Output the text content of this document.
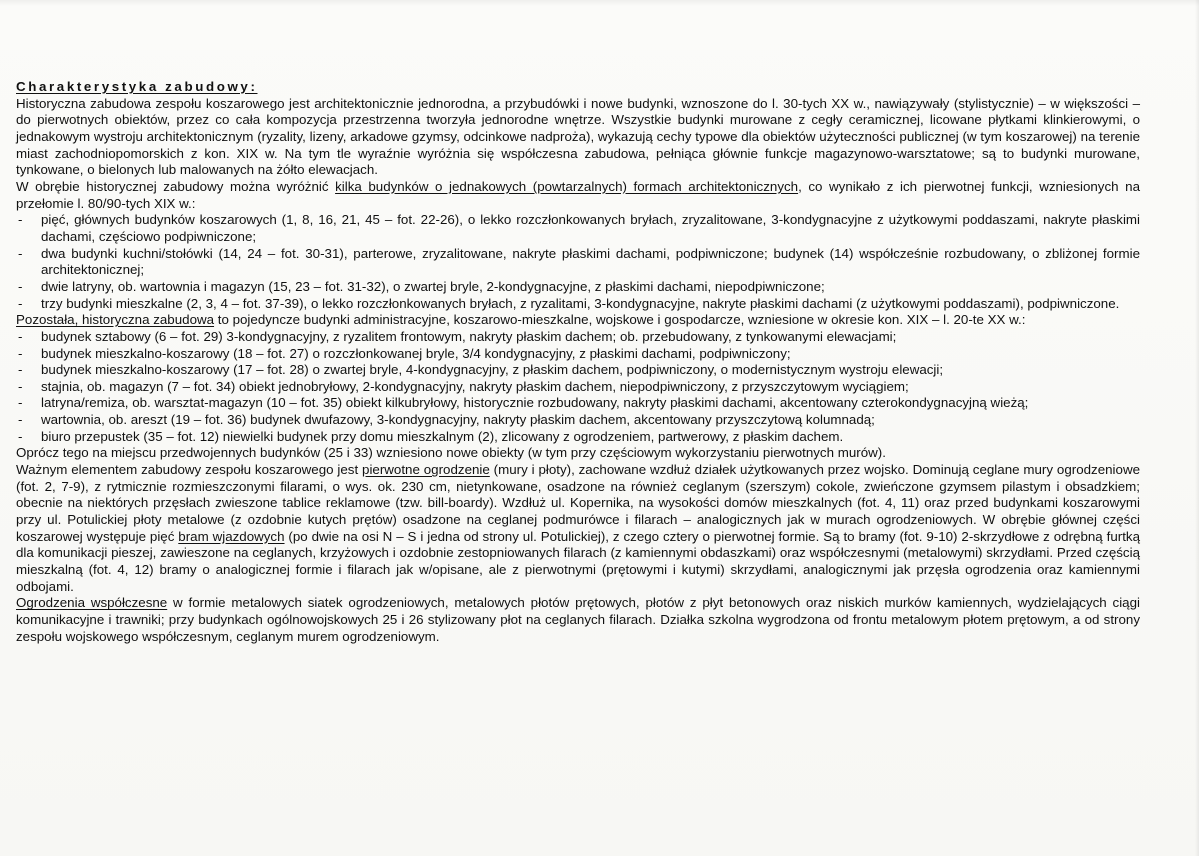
Charakterystyka zabudowy:

Historyczna zabudowa zespołu koszarowego jest architektonicznie jednorodna, a przybudówki i nowe budynki, wznoszone do l. 30-tych XX w., nawiązywały (stylistycznie) – w większości – do pierwotnych obiektów, przez co cała kompozycja przestrzenna tworzyła jednorodne wnętrze. Wszystkie budynki murowane z cegły ceramicznej, licowane płytkami klinkierowymi, o jednakowym wystroju architektonicznym (ryzality, lizeny, arkadowe gzymsy, odcinkowe nadproża), wykazują cechy typowe dla obiektów użyteczności publicznej (w tym koszarowej) na terenie miast zachodniopomorskich z kon. XIX w. Na tym tle wyraźnie wyróżnia się współczesna zabudowa, pełniąca głównie funkcje magazynowo-warsztatowe; są to budynki murowane, tynkowane, o bielonych lub malowanych na żółto elewacjach.

W obrębie historycznej zabudowy można wyróżnić kilka budynków o jednakowych (powtarzalnych) formach architektonicznych, co wynikało z ich pierwotnej funkcji, wzniesionych na przełomie l. 80/90-tych XIX w.:

- pięć, głównych budynków koszarowych (1, 8, 16, 21, 45 – fot. 22-26), o lekko rozczłonkowanych bryłach, zryzalitowane, 3-kondygnacyjne z użytkowymi poddaszami, nakryte płaskimi dachami, częściowo podpiwniczone;
- dwa budynki kuchni/stołówki (14, 24 – fot. 30-31), parterowe, zryzalitowane, nakryte płaskimi dachami, podpiwniczone; budynek (14) współcześnie rozbudowany, o zbliżonej formie architektonicznej;
- dwie latryny, ob. wartownia i magazyn (15, 23 – fot. 31-32), o zwartej bryle, 2-kondygnacyjne, z płaskimi dachami, niepodpiwniczone;
- trzy budynki mieszkalne (2, 3, 4 – fot. 37-39), o lekko rozczłonkowanych bryłach, z ryzalitami, 3-kondygnacyjne, nakryte płaskimi dachami (z użytkowymi poddaszami), podpiwniczone.

Pozostała, historyczna zabudowa to pojedyncze budynki administracyjne, koszarowo-mieszkalne, wojskowe i gospodarcze, wzniesione w okresie kon. XIX – l. 20-te XX w.:

- budynek sztabowy (6 – fot. 29) 3-kondygnacyjny, z ryzalitem frontowym, nakryty płaskim dachem; ob. przebudowany, z tynkowanymi elewacjami;
- budynek mieszkalno-koszarowy (18 – fot. 27) o rozczłonkowanej bryle, 3/4 kondygnacyjny, z płaskimi dachami, podpiwniczony;
- budynek mieszkalno-koszarowy (17 – fot. 28) o zwartej bryle, 4-kondygnacyjny, z płaskim dachem, podpiwniczony, o modernistycznym wystroju elewacji;
- stajnia, ob. magazyn (7 – fot. 34) obiekt jednobryłowy, 2-kondygnacyjny, nakryty płaskim dachem, niepodpiwniczony, z przyszczytowym wyciągiem;
- latryna/remiza, ob. warsztat-magazyn (10 – fot. 35) obiekt kilkubryłowy, historycznie rozbudowany, nakryty płaskimi dachami, akcentowany czterokondygnacyjną wieżą;
- wartownia, ob. areszt (19 – fot. 36) budynek dwufazowy, 3-kondygnacyjny, nakryty płaskim dachem, akcentowany przyszczytową kolumnadą;
- biuro przepustek (35 – fot. 12) niewielki budynek przy domu mieszkalnym (2), zlicowany z ogrodzeniem, partwerowy, z płaskim dachem.

Oprócz tego na miejscu przedwojennych budynków (25 i 33) wzniesiono nowe obiekty (w tym przy częściowym wykorzystaniu pierwotnych murów).

Ważnym elementem zabudowy zespołu koszarowego jest pierwotne ogrodzenie (mury i płoty), zachowane wzdłuż działek użytkowanych przez wojsko. Dominują ceglane mury ogrodzeniowe (fot. 2, 7-9), z rytmicznie rozmieszczonymi filarami, o wys. ok. 230 cm, nietynkowane, osadzone na również ceglanym (szerszym) cokole, zwieńczone gzymsem pilastym i obsadzkiem; obecnie na niektórych przęsłach zwieszone tablice reklamowe (tzw. bill-boardy). Wzdłuż ul. Kopernika, na wysokości domów mieszkalnych (fot. 4, 11) oraz przed budynkami koszarowymi przy ul. Potulickiej płoty metalowe (z ozdobnie kutych prętów) osadzone na ceglanej podmurówce i filarach – analogicznych jak w murach ogrodzeniowych. W obrębie głównej części koszarowej występuje pięć bram wjazdowych (po dwie na osi N – S i jedna od strony ul. Potulickiej), z czego cztery o pierwotnej formie. Są to bramy (fot. 9-10) 2-skrzydłowe z odrębną furtką dla komunikacji pieszej, zawieszone na ceglanych, krzyżowych i ozdobnie zestopniowanych filarach (z kamiennymi obdaszkami) oraz współczesnymi (metalowymi) skrzydłami. Przed częścią mieszkalną (fot. 4, 12) bramy o analogicznej formie i filarach jak w/opisane, ale z pierwotnymi (prętowymi i kutymi) skrzydłami, analogicznymi jak przęsła ogrodzenia oraz kamiennymi odbojami.

Ogrodzenia współczesne w formie metalowych siatek ogrodzeniowych, metalowych płotów prętowych, płotów z płyt betonowych oraz niskich murków kamiennych, wydzielających ciągi komunikacyjne i trawniki; przy budynkach ogólnowojskowych 25 i 26 stylizowany płot na ceglanych filarach. Działka szkolna wygrodzona od frontu metalowym płotem prętowym, a od strony zespołu wojskowego współczesnym, ceglanym murem ogrodzeniowym.
